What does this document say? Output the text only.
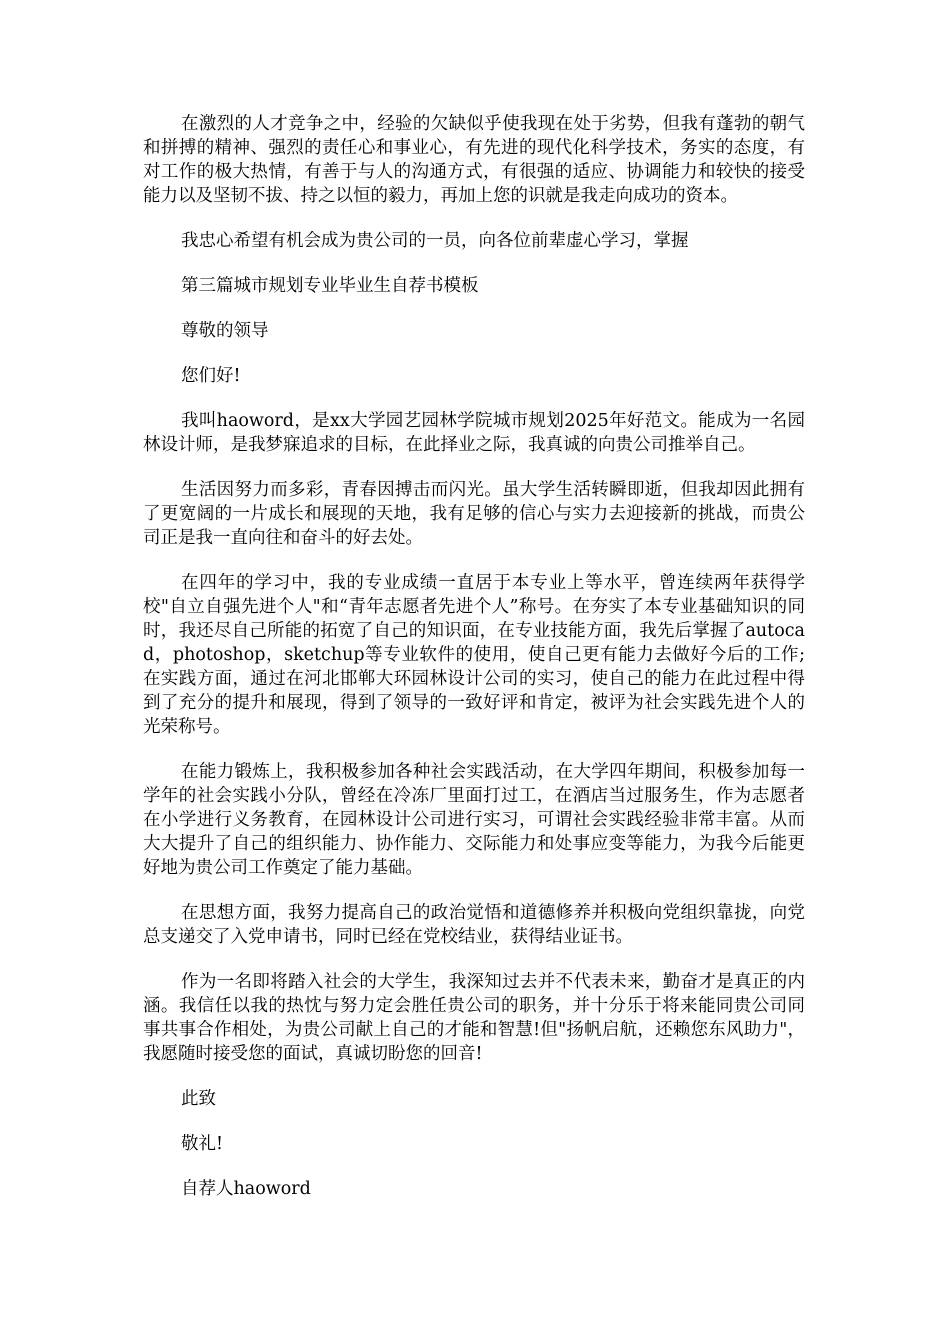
在激烈的人才竞争之中，经验的欠缺似乎使我现在处于劣势，但我有蓬勃的朝气和拼搏的精神、强烈的责任心和事业心，有先进的现代化科学技术，务实的态度，有对工作的极大热情，有善于与人的沟通方式，有很强的适应、协调能力和较快的接受能力以及坚韧不拔、持之以恒的毅力，再加上您的识就是我走向成功的资本。

我忠心希望有机会成为贵公司的一员，向各位前辈虚心学习，掌握

第三篇城市规划专业毕业生自荐书模板

尊敬的领导

您们好!

我叫haoword，是xx大学园艺园林学院城市规划2025年好范文。能成为一名园林设计师，是我梦寐追求的目标，在此择业之际，我真诚的向贵公司推举自己。

生活因努力而多彩，青春因搏击而闪光。虽大学生活转瞬即逝，但我却因此拥有了更宽阔的一片成长和展现的天地，我有足够的信心与实力去迎接新的挑战，而贵公司正是我一直向往和奋斗的好去处。

在四年的学习中，我的专业成绩一直居于本专业上等水平，曾连续两年获得学校"自立自强先进个人"和“青年志愿者先进个人”称号。在夯实了本专业基础知识的同时，我还尽自己所能的拓宽了自己的知识面，在专业技能方面，我先后掌握了autocad，photoshop，sketchup等专业软件的使用，使自己更有能力去做好今后的工作;在实践方面，通过在河北邯郸大环园林设计公司的实习，使自己的能力在此过程中得到了充分的提升和展现，得到了领导的一致好评和肯定，被评为社会实践先进个人的光荣称号。

在能力锻炼上，我积极参加各种社会实践活动，在大学四年期间，积极参加每一学年的社会实践小分队，曾经在冷冻厂里面打过工，在酒店当过服务生，作为志愿者在小学进行义务教育，在园林设计公司进行实习，可谓社会实践经验非常丰富。从而大大提升了自己的组织能力、协作能力、交际能力和处事应变等能力，为我今后能更好地为贵公司工作奠定了能力基础。

在思想方面，我努力提高自己的政治觉悟和道德修养并积极向党组织靠拢，向党总支递交了入党申请书，同时已经在党校结业，获得结业证书。

作为一名即将踏入社会的大学生，我深知过去并不代表未来，勤奋才是真正的内涵。我信任以我的热忱与努力定会胜任贵公司的职务，并十分乐于将来能同贵公司同事共事合作相处，为贵公司献上自己的才能和智慧!但"扬帆启航，还赖您东风助力"，我愿随时接受您的面试，真诚切盼您的回音!

此致

敬礼!

自荐人haoword
